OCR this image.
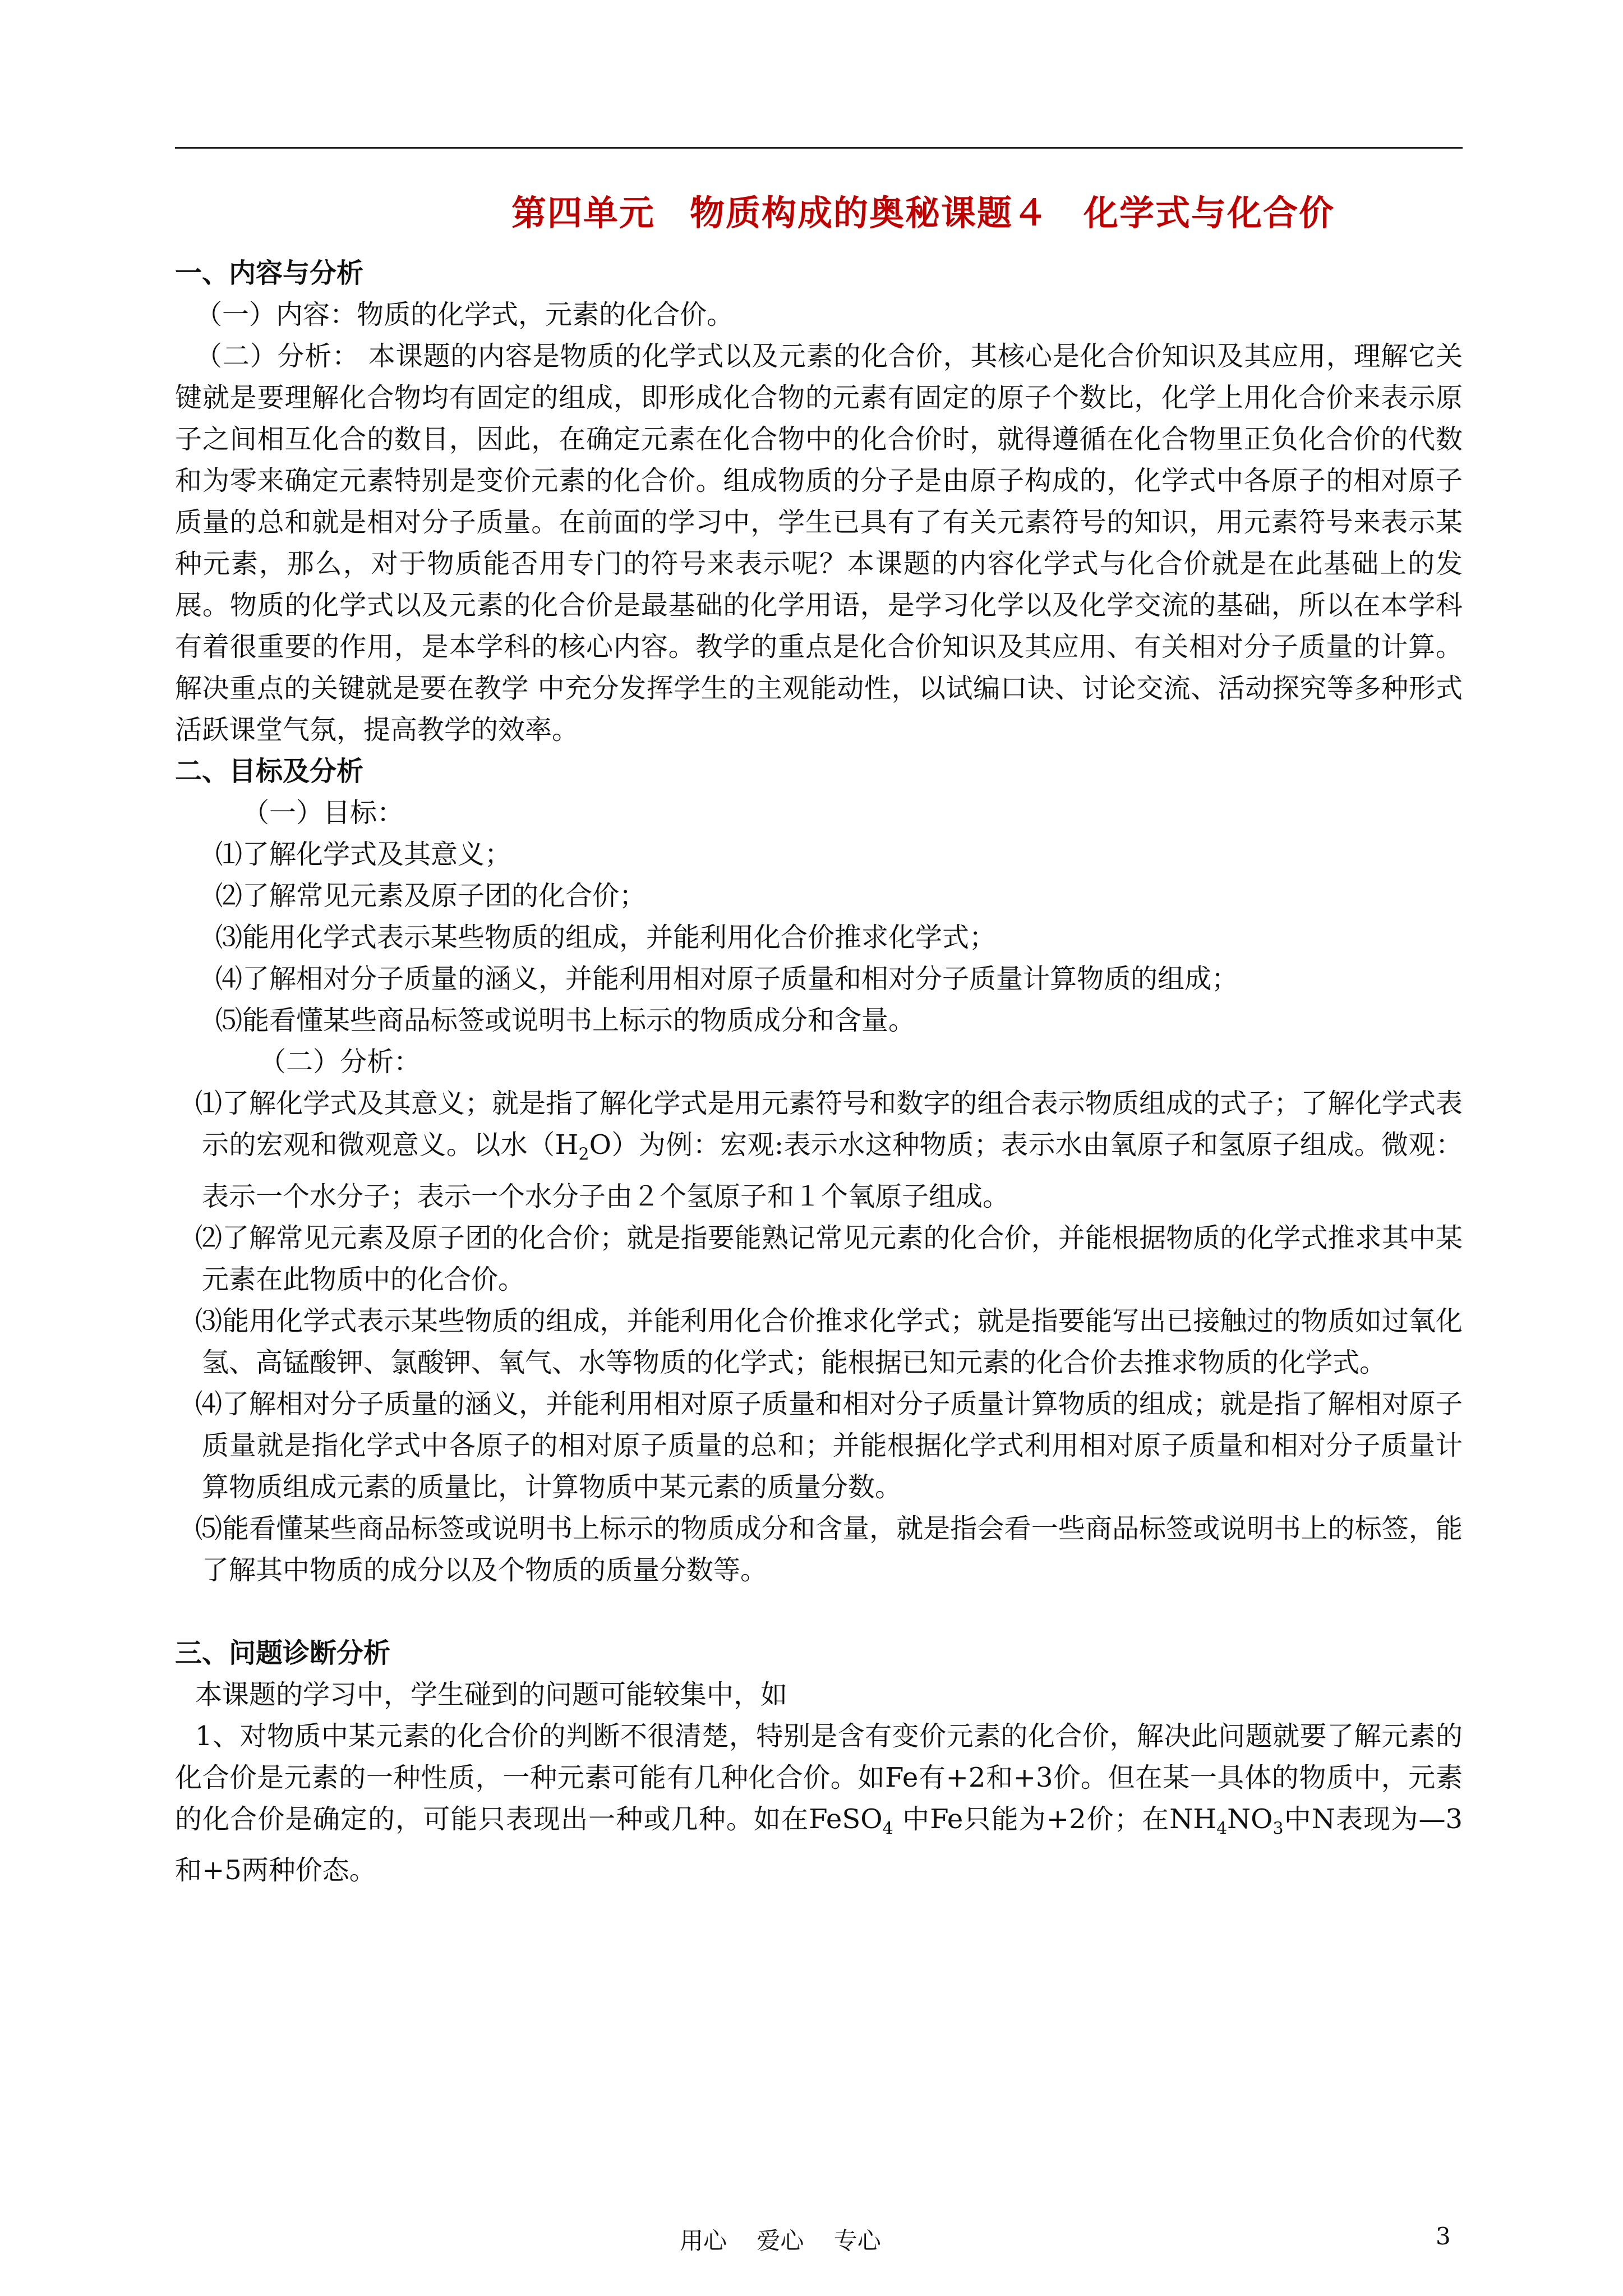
第四单元 物质构成的奥秘课题４ 化学式与化合价

一、内容与分析

（一）内容：物质的化学式，元素的化合价。

（二）分析： 本课题的内容是物质的化学式以及元素的化合价，其核心是化合价知识及其应用，理解它关键就是要理解化合物均有固定的组成，即形成化合物的元素有固定的原子个数比，化学上用化合价来表示原子之间相互化合的数目，因此，在确定元素在化合物中的化合价时，就得遵循在化合物里正负化合价的代数和为零来确定元素特别是变价元素的化合价。组成物质的分子是由原子构成的，化学式中各原子的相对原子质量的总和就是相对分子质量。在前面的学习中，学生已具有了有关元素符号的知识，用元素符号来表示某种元素，那么，对于物质能否用专门的符号来表示呢？本课题的内容化学式与化合价就是在此基础上的发展。物质的化学式以及元素的化合价是最基础的化学用语，是学习化学以及化学交流的基础，所以在本学科有着很重要的作用，是本学科的核心内容。教学的重点是化合价知识及其应用、有关相对分子质量的计算。解决重点的关键就是要在教学 中充分发挥学生的主观能动性，以试编口诀、讨论交流、活动探究等多种形式活跃课堂气氛，提高教学的效率。

二、目标及分析

（一）目标：

⑴了解化学式及其意义；

⑵了解常见元素及原子团的化合价；

⑶能用化学式表示某些物质的组成，并能利用化合价推求化学式；

⑷了解相对分子质量的涵义，并能利用相对原子质量和相对分子质量计算物质的组成；

⑸能看懂某些商品标签或说明书上标示的物质成分和含量。

（二）分析：

⑴了解化学式及其意义；就是指了解化学式是用元素符号和数字的组合表示物质组成的式子；了解化学式表示的宏观和微观意义。以水$(H_2O)$为例：宏观:表示水这种物质；表示水由氧原子和氢原子组成。微观：表示一个水分子；表示一个水分子由２个氢原子和１个氧原子组成。

⑵了解常见元素及原子团的化合价；就是指要能熟记常见元素的化合价，并能根据物质的化学式推求其中某元素在此物质中的化合价。

⑶能用化学式表示某些物质的组成，并能利用化合价推求化学式；就是指要能写出已接触过的物质如过氧化氢、高锰酸钾、氯酸钾、氧气、水等物质的化学式；能根据已知元素的化合价去推求物质的化学式。

⑷了解相对分子质量的涵义，并能利用相对原子质量和相对分子质量计算物质的组成；就是指了解相对原子质量就是指化学式中各原子的相对原子质量的总和；并能根据化学式利用相对原子质量和相对分子质量计算物质组成元素的质量比，计算物质中某元素的质量分数。

⑸能看懂某些商品标签或说明书上标示的物质成分和含量，就是指会看一些商品标签或说明书上的标签，能了解其中物质的成分以及个物质的质量分数等。

三、问题诊断分析

本课题的学习中，学生碰到的问题可能较集中，如

1、对物质中某元素的化合价的判断不很清楚，特别是含有变价元素的化合价，解决此问题就要了解元素的化合价是元素的一种性质，一种元素可能有几种化合价。如Fe有+2和+3价。但在某一具体的物质中，元素的化合价是确定的，可能只表现出一种或几种。如在FeSO$_4$ 中Fe只能为+2价；在$NH_4NO_3$中N表现为—3和+5两种价态。

用心 爱心 专心	3
